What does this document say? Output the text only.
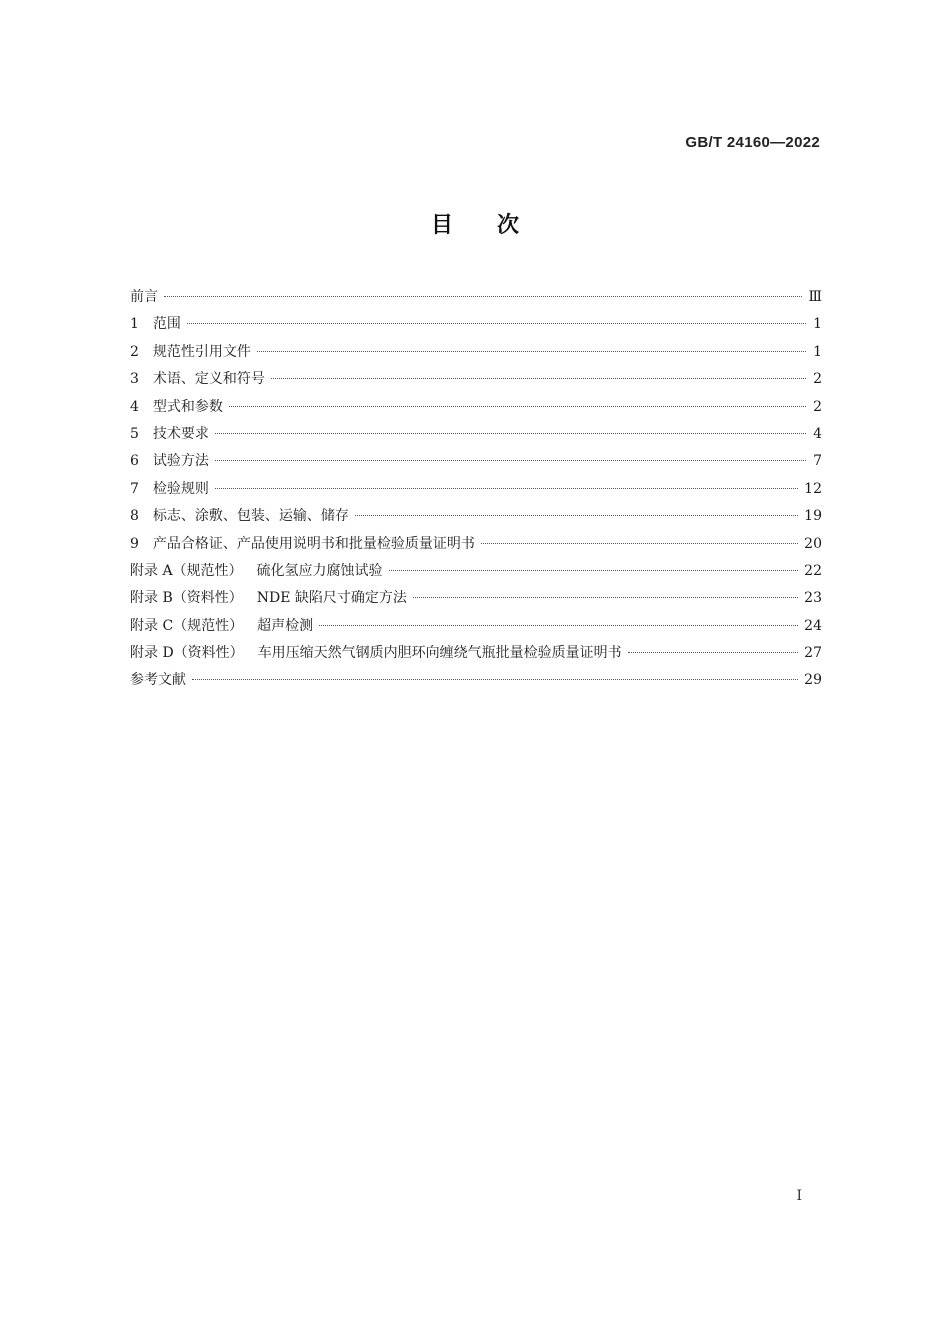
GB/T 24160—2022
目次
前言	Ⅲ
1 范围	1
2 规范性引用文件	1
3 术语、定义和符号	2
4 型式和参数	2
5 技术要求	4
6 试验方法	7
7 检验规则	12
8 标志、涂敷、包装、运输、储存	19
9 产品合格证、产品使用说明书和批量检验质量证明书	20
附录 A（规范性） 硫化氢应力腐蚀试验	22
附录 B（资料性） NDE 缺陷尺寸确定方法	23
附录 C（规范性） 超声检测	24
附录 D（资料性） 车用压缩天然气钢质内胆环向缠绕气瓶批量检验质量证明书	27
参考文献	29
I
